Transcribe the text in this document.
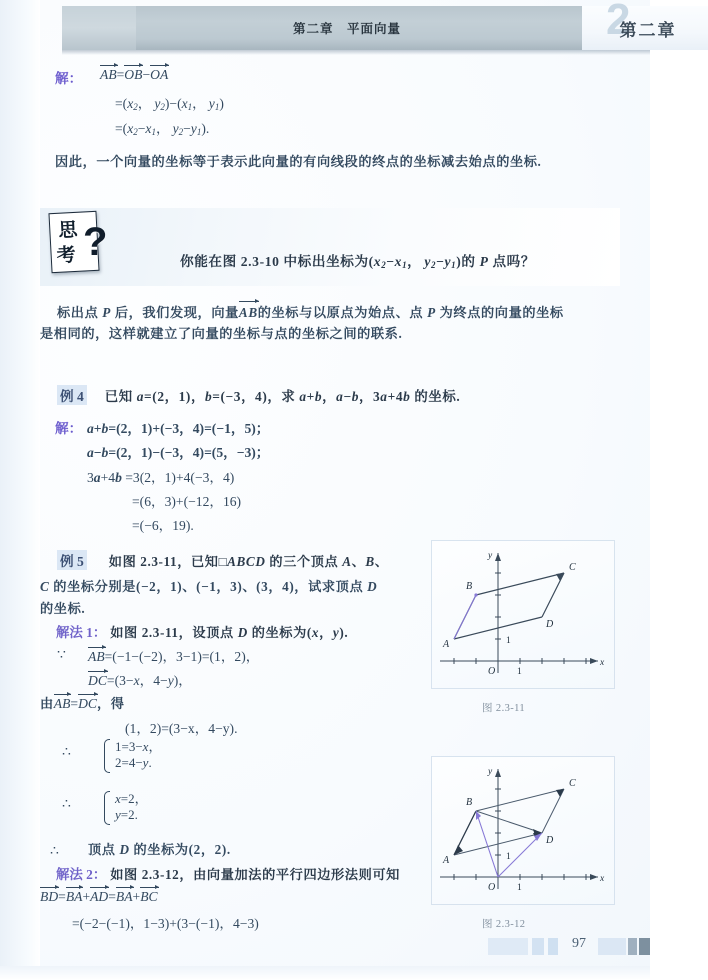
第二章　平面向量	2
第二章
解： AB=OB−OA
$=(x_2$， $y_2)-(x_1$， $y_1$)
$=(x_2-x_1$， $y_2-y_1$).
因此，一个向量的坐标等于表示此向量的有向线段的终点的坐标减去始点的坐标.
思
考 ?	你能在图 2.3-10 中标出坐标为($x_2-x_1$， $y_2-y_1$)的 P 点吗？
标出点 P 后，我们发现，向量AB的坐标与以原点为始点、点 P 为终点的向量的坐标
是相同的，这样就建立了向量的坐标与点的坐标之间的联系.
例 4 已知 a=(2，1)，b=(−3，4)，求 a+b，a−b，3a+4b 的坐标.
解： a+b=(2，1)+(−3，4)=(−1，5)；
a−b=(2，1)−(−3，4)=(5，−3)；
3a+4b =3(2，1)+4(−3，4)
=(6，3)+(−12，16)
=(−6，19).
例 5 如图 2.3-11，已知□ABCD 的三个顶点 A、B、
C 的坐标分别是(−2，1)、(−1，3)、(3，4)，试求顶点 D
的坐标.
解法 1： 如图 2.3-11，设顶点 D 的坐标为(x，y).
∵ AB=(−1−(−2)，3−1)=(1，2)，
DC=(3−x，4−y)，
由AB=DC，得
(1，2)=(3−x，4−y).
∴
	1=3−x，
2=4−y.
∴
	x=2，
y=2.
∴ 顶点 D 的坐标为(2，2).
解法 2： 如图 2.3-12，由向量加法的平行四边形法则可知
BD=BA+AD=BA+BC
=(−2−(−1)，1−3)+(3−(−1)，4−3)
B
A
C
D
y
x
O 1
1
图 2.3-11
B
A
C
D
y
x
O 1
1
图 2.3-12
97
